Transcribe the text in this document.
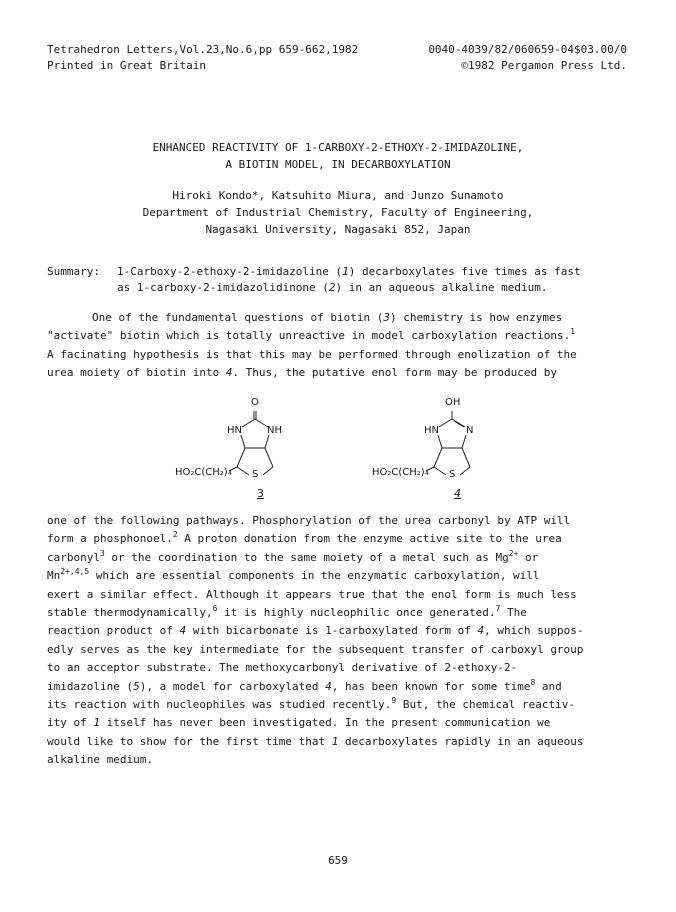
Tetrahedron Letters,Vol.23,No.6,pp 659-662,1982	0040-4039/82/060659-04$03.00/0
Printed in Great Britain	©1982 Pergamon Press Ltd.
ENHANCED REACTIVITY OF 1-CARBOXY-2-ETHOXY-2-IMIDAZOLINE,
A BIOTIN MODEL, IN DECARBOXYLATION
Hiroki Kondo*, Katsuhito Miura, and Junzo Sunamoto
Department of Industrial Chemistry, Faculty of Engineering,
Nagasaki University, Nagasaki 852, Japan
Summary:	1-Carboxy-2-ethoxy-2-imidazoline (1) decarboxylates five times as fast
as 1-carboxy-2-imidazolidinone (2) in an aqueous alkaline medium.
One of the fundamental questions of biotin (3) chemistry is how enzymes
"activate" biotin which is totally unreactive in model carboxylation reactions.$^1$
A facinating hypothesis is that this may be performed through enolization of the
urea moiety of biotin into 4. Thus, the putative enol form may be produced by
O
HN	NH
HO₂C(CH₂)₄ S
3
OH
HN	N
HO₂C(CH₂)₄ S
4
one of the following pathways. Phosphorylation of the urea carbonyl by ATP will
form a phosphonoel.$^2$ A proton donation from the enzyme active site to the urea
carbonyl$^3$ or the coordination to the same moiety of a metal such as $Mg^{2+}$ or
$Mn^{2+,4,5}$ which are essential components in the enzymatic carboxylation, will
exert a similar effect. Although it appears true that the enol form is much less
stable thermodynamically,$^6$ it is highly nucleophilic once generated.$^7$ The
reaction product of 4 with bicarbonate is 1-carboxylated form of 4, which suppos-
edly serves as the key intermediate for the subsequent transfer of carboxyl group
to an acceptor substrate. The methoxycarbonyl derivative of 2-ethoxy-2-
imidazoline (5), a model for carboxylated 4, has been known for some time$^8$ and
its reaction with nucleophiles was studied recently.$^9$ But, the chemical reactiv-
ity of 1 itself has never been investigated. In the present communication we
would like to show for the first time that 1 decarboxylates rapidly in an aqueous
alkaline medium.
659
